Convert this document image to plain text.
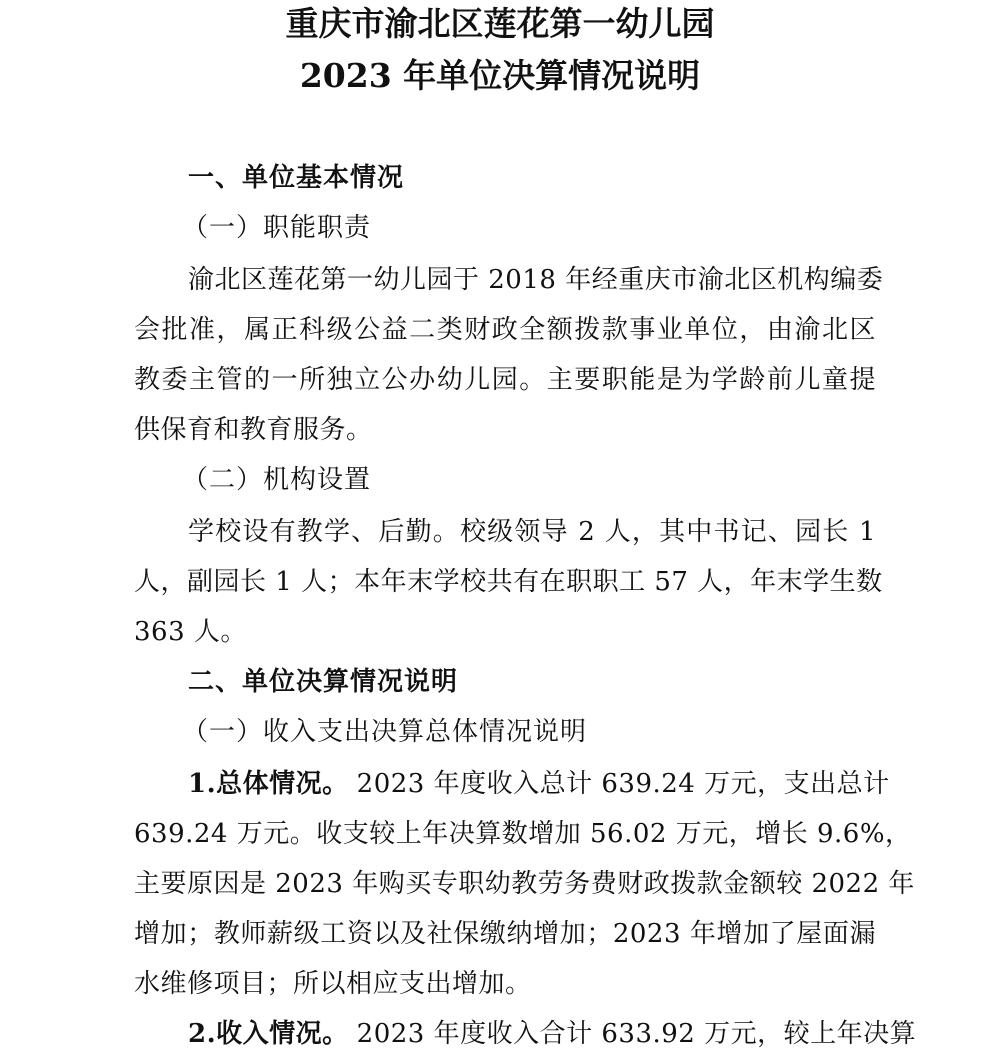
重庆市渝北区莲花第一幼儿园
2023 年单位决算情况说明
一、单位基本情况
（一）职能职责
渝北区莲花第一幼儿园于 2018 年经重庆市渝北区机构编委
会批准，属正科级公益二类财政全额拨款事业单位，由渝北区
教委主管的一所独立公办幼儿园。主要职能是为学龄前儿童提
供保育和教育服务。
（二）机构设置
学校设有教学、后勤。校级领导 2 人，其中书记、园长 1
人，副园长 1 人；本年末学校共有在职职工 57 人，年末学生数
363 人。
二、单位决算情况说明
（一）收入支出决算总体情况说明
1.总体情况。 2023 年度收入总计 639.24 万元，支出总计
639.24 万元。收支较上年决算数增加 56.02 万元，增长 9.6%，
主要原因是 2023 年购买专职幼教劳务费财政拨款金额较 2022 年
增加；教师薪级工资以及社保缴纳增加；2023 年增加了屋面漏
水维修项目；所以相应支出增加。
2.收入情况。 2023 年度收入合计 633.92 万元，较上年决算
